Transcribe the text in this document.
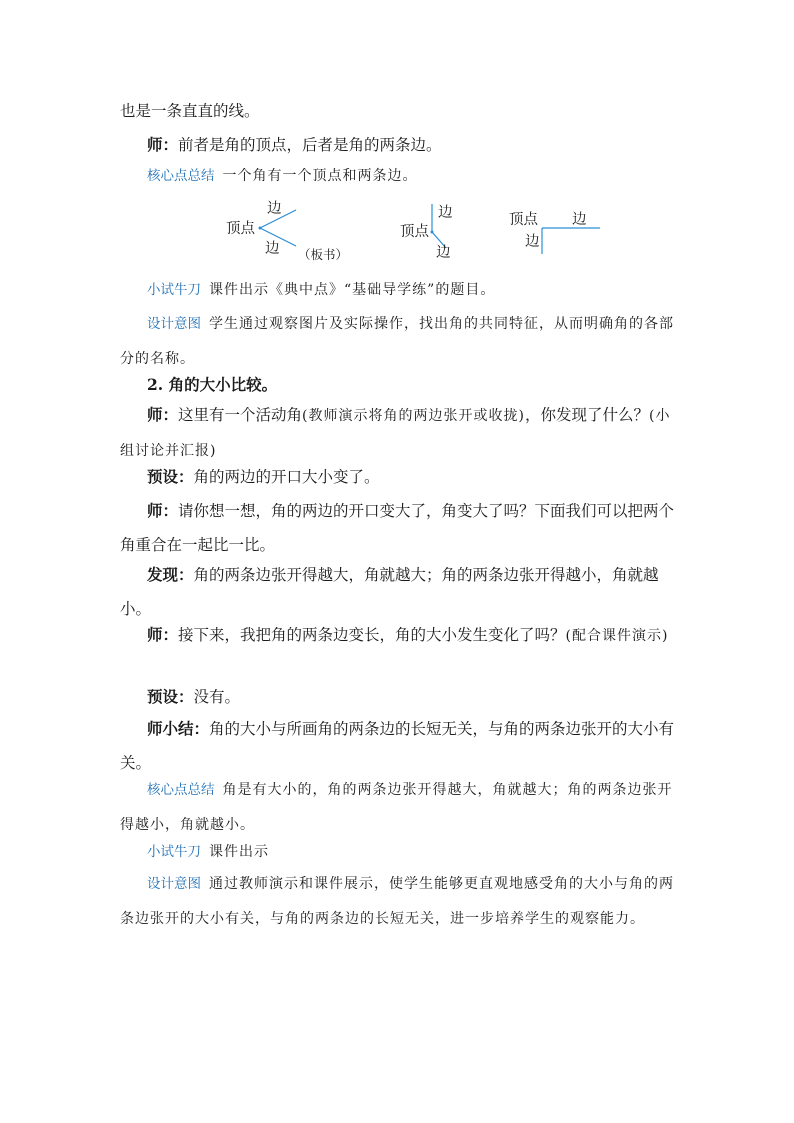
也是一条直直的线。

师：前者是角的顶点，后者是角的两条边。

核心点总结 一个角有一个顶点和两条边。

边
顶点
边 （板书）
边
顶点
边
顶点 边
边

小试牛刀 课件出示《典中点》“基础导学练”的题目。

设计意图 学生通过观察图片及实际操作，找出角的共同特征，从而明确角的各部分的名称。

2. 角的大小比较。

师：这里有一个活动角(教师演示将角的两边张开或收拢)，你发现了什么？(小组讨论并汇报)

预设：角的两边的开口大小变了。

师：请你想一想，角的两边的开口变大了，角变大了吗？下面我们可以把两个角重合在一起比一比。

发现：角的两条边张开得越大，角就越大；角的两条边张开得越小，角就越小。

师：接下来，我把角的两条边变长，角的大小发生变化了吗？(配合课件演示)

预设：没有。

师小结：角的大小与所画角的两条边的长短无关，与角的两条边张开的大小有关。

核心点总结 角是有大小的，角的两条边张开得越大，角就越大；角的两条边张开得越小，角就越小。

小试牛刀 课件出示

设计意图 通过教师演示和课件展示，使学生能够更直观地感受角的大小与角的两条边张开的大小有关，与角的两条边的长短无关，进一步培养学生的观察能力。
